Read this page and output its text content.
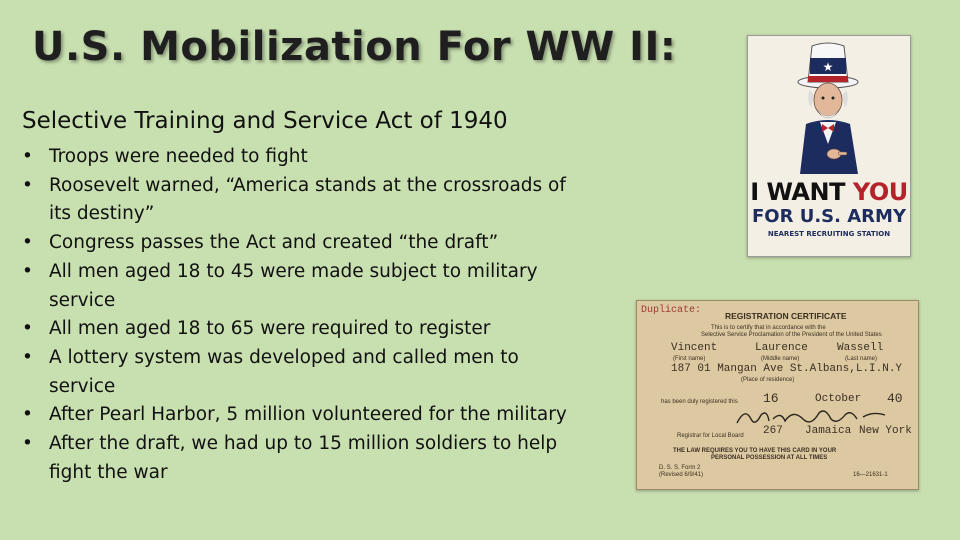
U.S. Mobilization For WW II:
Selective Training and Service Act of 1940
• Troops were needed to fight
• Roosevelt warned, “America stands at the crossroads of its destiny”
• Congress passes the Act and created “the draft”
• All men aged 18 to 45 were made subject to military service
• All men aged 18 to 65 were required to register
• A lottery system was developed and called men to service
• After Pearl Harbor, 5 million volunteered for the military
• After the draft, we had up to 15 million soldiers to help fight the war
★
I WANT YOU
FOR U.S. ARMY
NEAREST RECRUITING STATION
Duplicate:	REGISTRATION CERTIFICATE
This is to certify that in accordance with the
Selective Service Proclamation of the President of the United States
Vincent	Laurence	Wassell
(First name)	(Middle name)	(Last name)
187 01 Mangan Ave St.Albans,L.I.N.Y
(Place of residence)
has been duly registered this 16	October 40
Registrar for Local Board 267 Jamaica New York
THE LAW REQUIRES YOU TO HAVE THIS CARD IN YOUR
PERSONAL POSSESSION AT ALL TIMES
D. S. S. Form 2
(Revised 6/9/41)	16—21631-1
